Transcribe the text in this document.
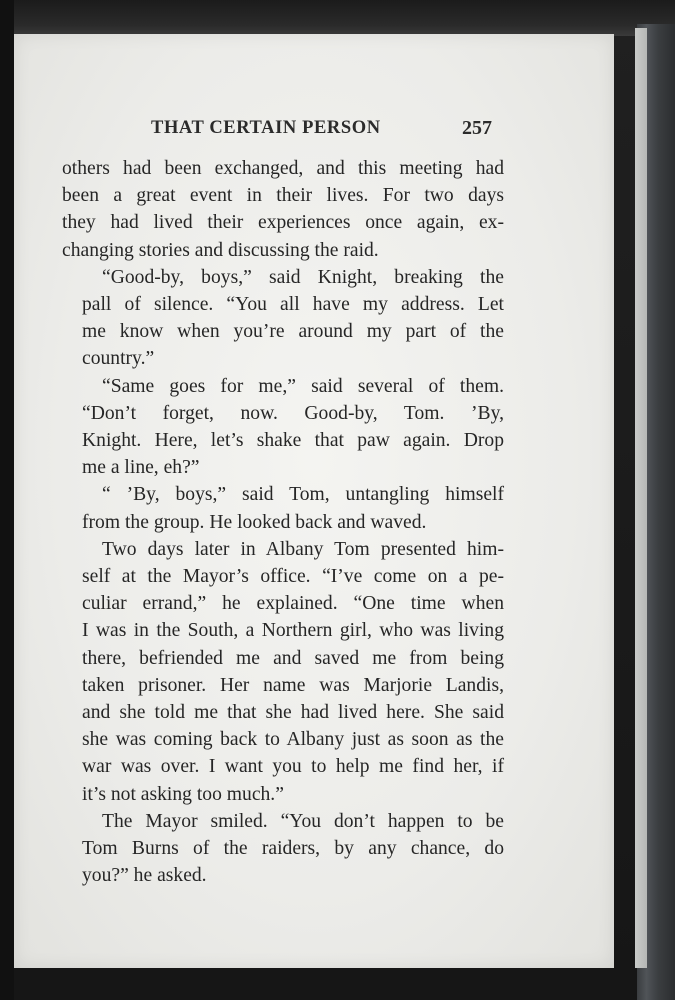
THAT CERTAIN PERSON	257

others had been exchanged, and this meeting had
been a great event in their lives. For two days
they had lived their experiences once again, ex-
changing stories and discussing the raid.

“Good-by, boys,” said Knight, breaking the
pall of silence. “You all have my address. Let
me know when you’re around my part of the
country.”

“Same goes for me,” said several of them.
“Don’t forget, now. Good-by, Tom. ’By,
Knight. Here, let’s shake that paw again. Drop
me a line, eh?”

“ ’By, boys,” said Tom, untangling himself
from the group. He looked back and waved.

Two days later in Albany Tom presented him-
self at the Mayor’s office. “I’ve come on a pe-
culiar errand,” he explained. “One time when
I was in the South, a Northern girl, who was living
there, befriended me and saved me from being
taken prisoner. Her name was Marjorie Landis,
and she told me that she had lived here. She said
she was coming back to Albany just as soon as the
war was over. I want you to help me find her, if
it’s not asking too much.”

The Mayor smiled. “You don’t happen to be
Tom Burns of the raiders, by any chance, do
you?” he asked.
